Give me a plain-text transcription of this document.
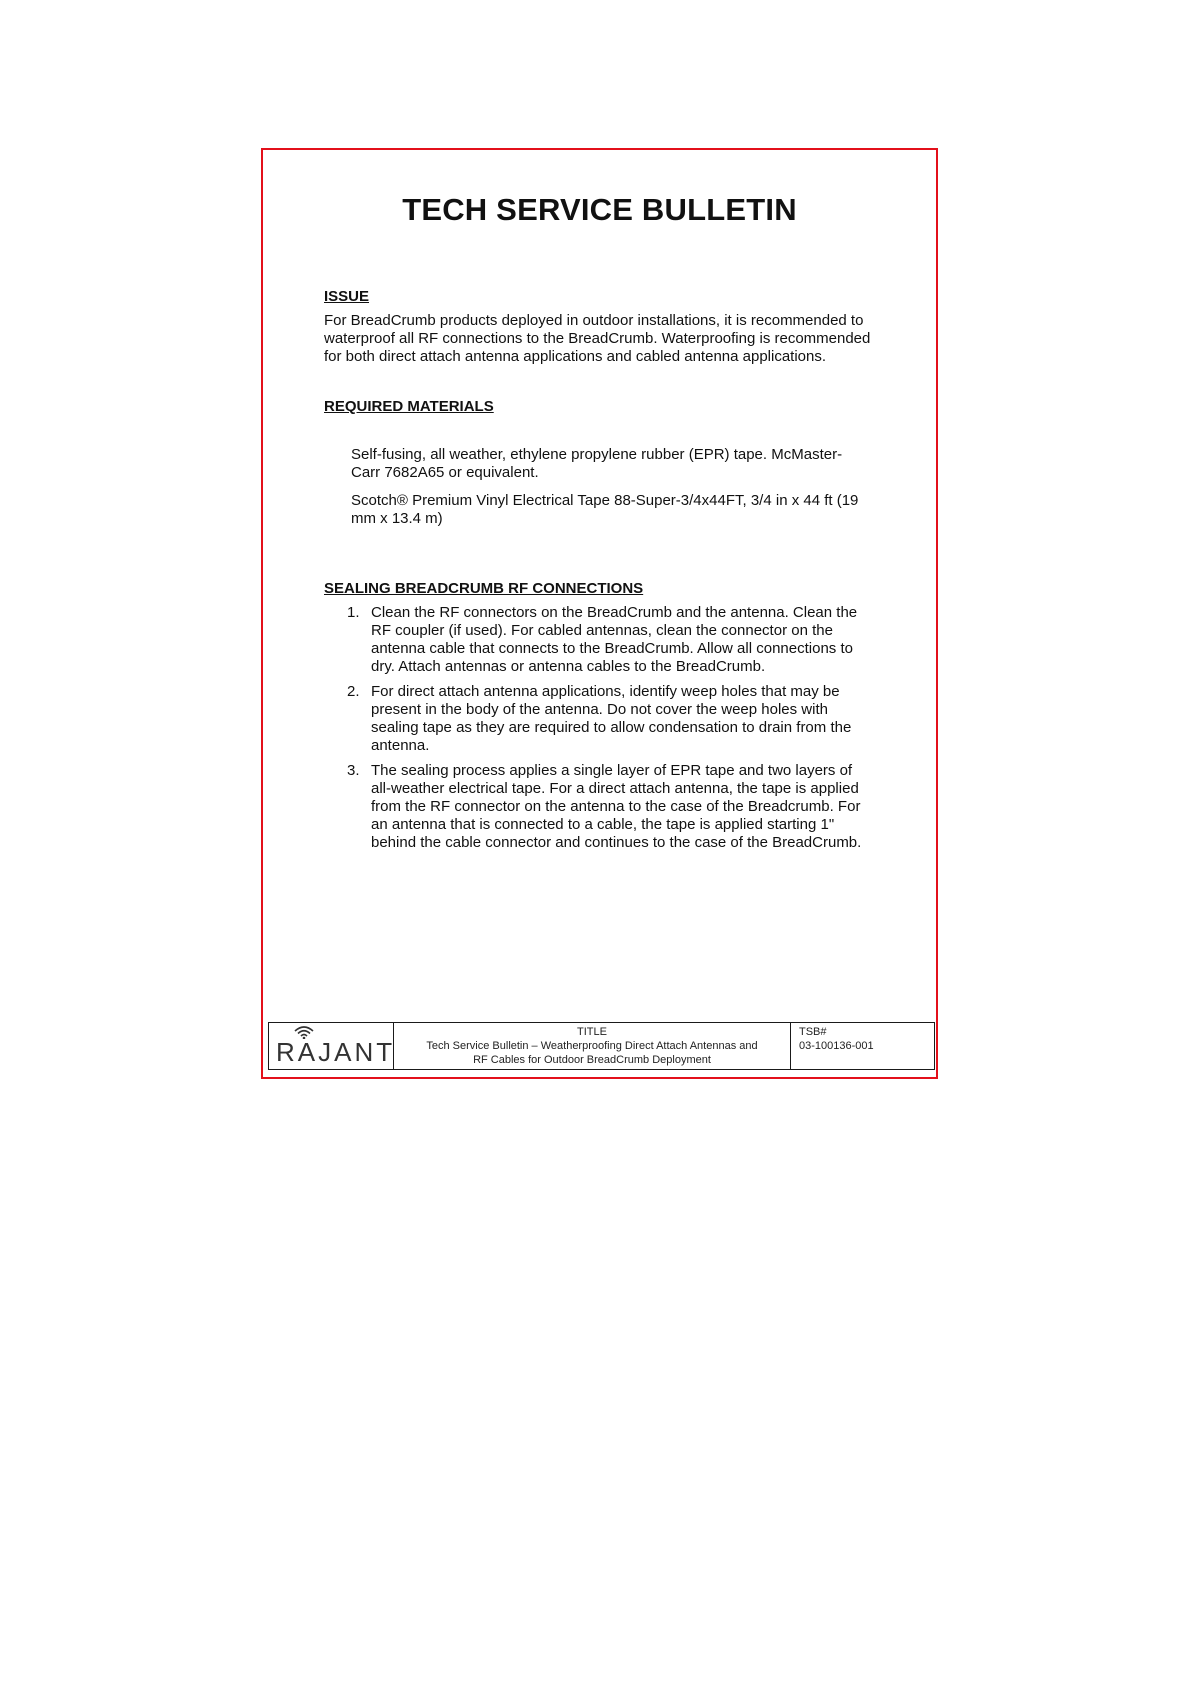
TECH SERVICE BULLETIN
ISSUE

For BreadCrumb products deployed in outdoor installations, it is recommended to waterproof all RF connections to the BreadCrumb. Waterproofing is recommended for both direct attach antenna applications and cabled antenna applications.

REQUIRED MATERIALS
Self-fusing, all weather, ethylene propylene rubber (EPR) tape. McMaster-Carr 7682A65 or equivalent.
Scotch® Premium Vinyl Electrical Tape 88-Super-3/4x44FT, 3/4 in x 44 ft (19 mm x 13.4 m)
SEALING BREADCRUMB RF CONNECTIONS
1. Clean the RF connectors on the BreadCrumb and the antenna. Clean the RF coupler (if used). For cabled antennas, clean the connector on the antenna cable that connects to the BreadCrumb. Allow all connections to dry. Attach antennas or antenna cables to the BreadCrumb.
2. For direct attach antenna applications, identify weep holes that may be present in the body of the antenna. Do not cover the weep holes with sealing tape as they are required to allow condensation to drain from the antenna.
3. The sealing process applies a single layer of EPR tape and two layers of all-weather electrical tape. For a direct attach antenna, the tape is applied from the RF connector on the antenna to the case of the Breadcrumb. For an antenna that is connected to a cable, the tape is applied starting 1" behind the cable connector and continues to the case of the BreadCrumb.
RAJANT
TITLE
Tech Service Bulletin – Weatherproofing Direct Attach Antennas and
RF Cables for Outdoor BreadCrumb Deployment
TSB#
03-100136-001
